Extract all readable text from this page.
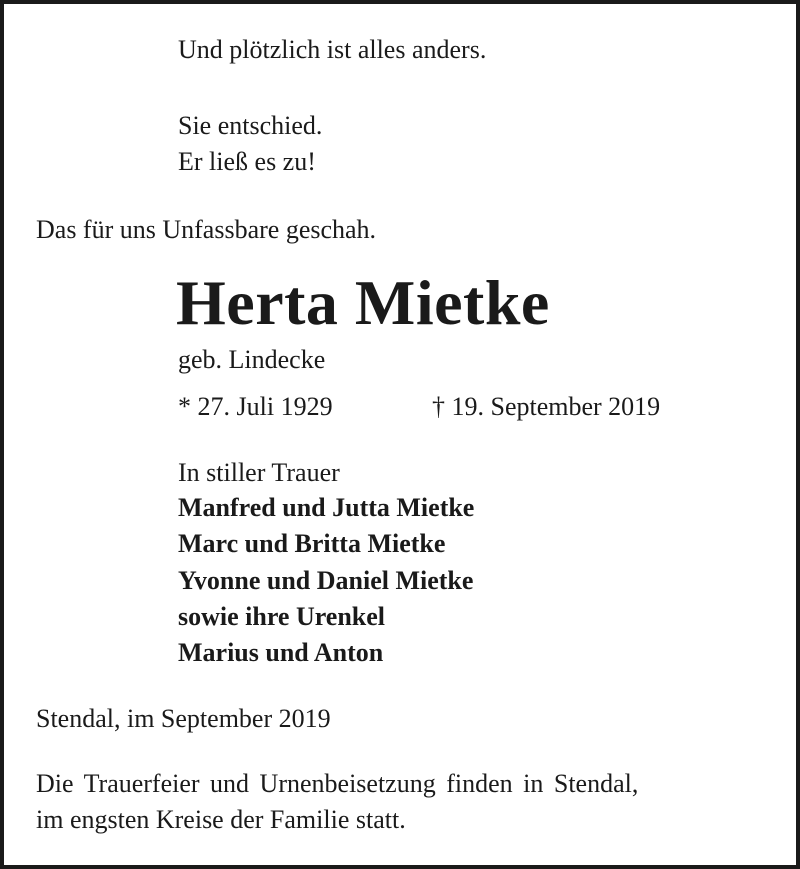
Und plötzlich ist alles anders.
Sie entschied.
Er ließ es zu!
Das für uns Unfassbare geschah.
Herta Mietke
geb. Lindecke
* 27. Juli 1929	† 19. September 2019
In stiller Trauer
Manfred und Jutta Mietke
Marc und Britta Mietke
Yvonne und Daniel Mietke
sowie ihre Urenkel
Marius und Anton
Stendal, im September 2019
Die Trauerfeier und Urnenbeisetzung finden in Stendal,
im engsten Kreise der Familie statt.
